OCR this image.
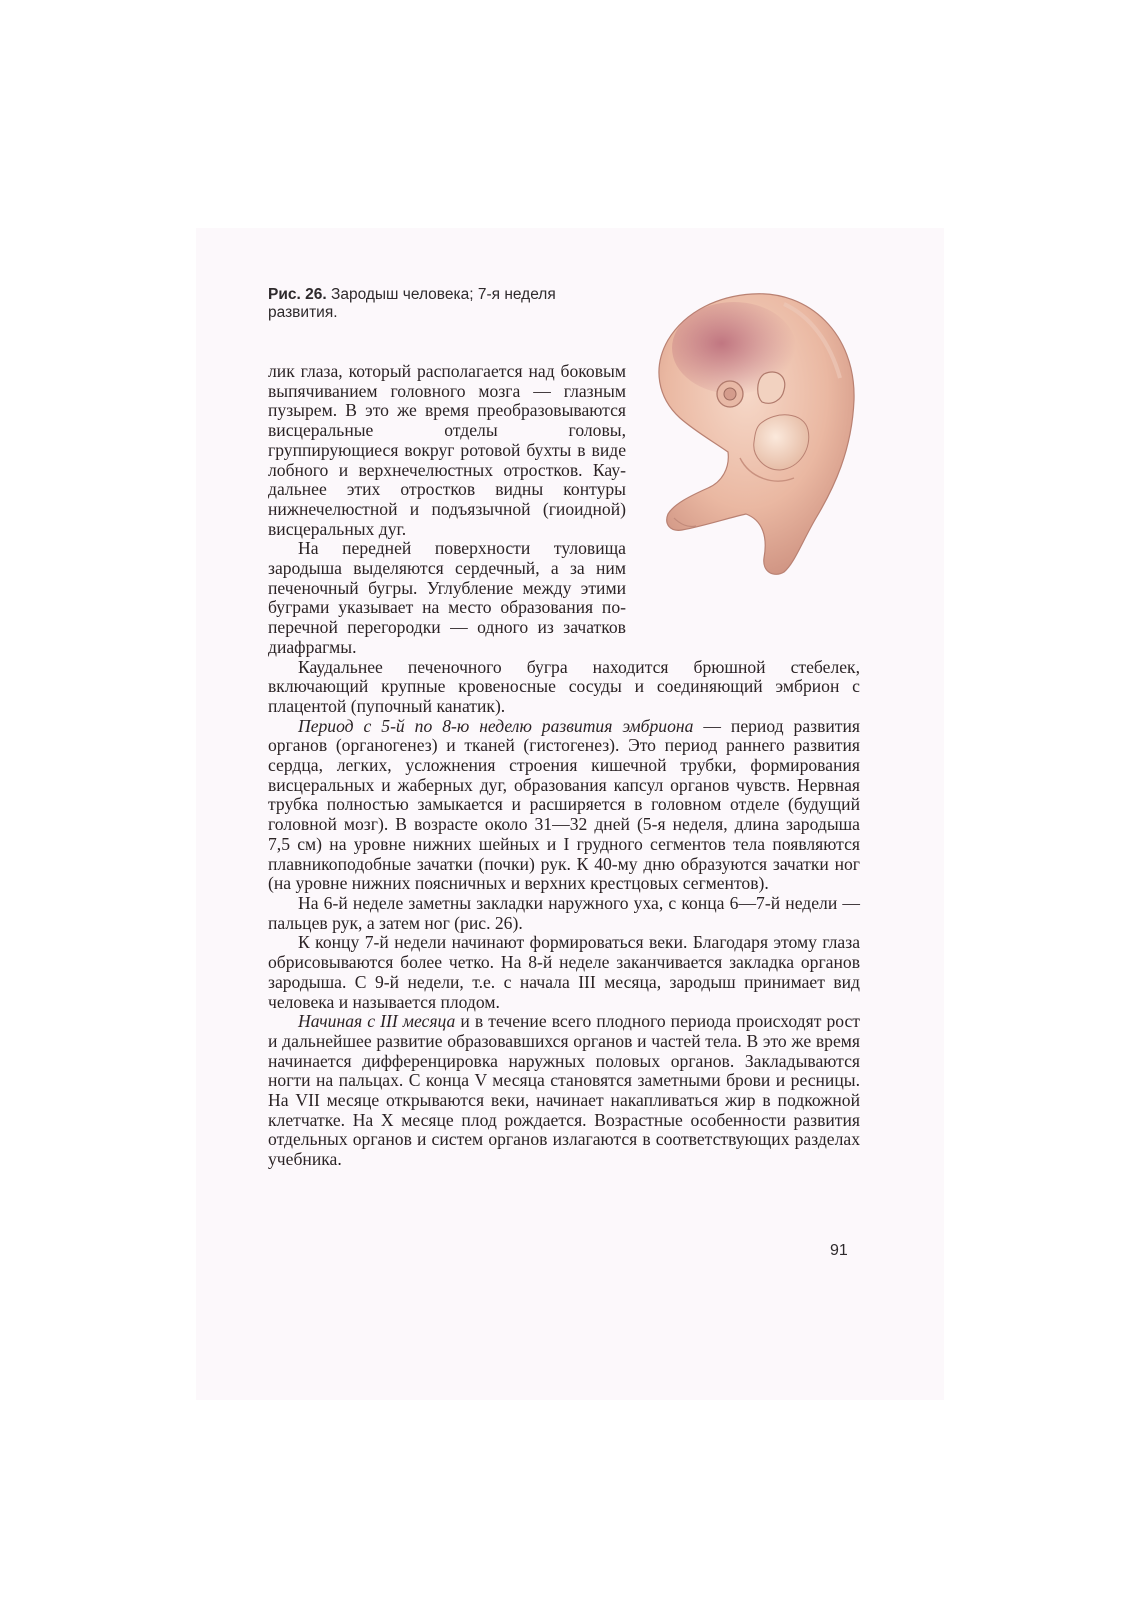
Рис. 26. Зародыш человека; 7-я неделя развития.

лик глаза, который располагается над боковым выпячиванием головного мозга — глазным пузырем. В это же время преобразовываются висцеральные отделы головы, группирующиеся вокруг ротовой бухты в виде лобного и верхнечелюстных отростков. Каудальнее этих отростков видны контуры нижнечелюстной и подъязычной (гиоидной) висцеральных дуг.

На передней поверхности туловища зародыша выделяются сердечный, а за ним печеночный бугры. Углубление между этими буграми указывает на место образования поперечной перегородки — одного из зачатков диафрагмы.

Каудальнее печеночного бугра находится брюшной стебелек, включающий крупные кровеносные сосуды и соединяющий эмбрион с плацентой (пупочный канатик).

Период с 5-й по 8-ю неделю развития эмбриона — период развития органов (органогенез) и тканей (гистогенез). Это период раннего развития сердца, легких, усложнения строения кишечной трубки, формирования висцеральных и жаберных дуг, образования капсул органов чувств. Нервная трубка полностью замыкается и расширяется в головном отделе (будущий головной мозг). В возрасте около 31—32 дней (5-я неделя, длина зародыша 7,5 см) на уровне нижних шейных и I грудного сегментов тела появляются плавникоподобные зачатки (почки) рук. К 40-му дню образуются зачатки ног (на уровне нижних поясничных и верхних крестцовых сегментов).

На 6-й неделе заметны закладки наружного уха, с конца 6—7-й недели — пальцев рук, а затем ног (рис. 26).

К концу 7-й недели начинают формироваться веки. Благодаря этому глаза обрисовываются более четко. На 8-й неделе заканчивается закладка органов зародыша. С 9-й недели, т.е. с начала III месяца, зародыш принимает вид человека и называется плодом.

Начиная с III месяца и в течение всего плодного периода происходят рост и дальнейшее развитие образовавшихся органов и частей тела. В это же время начинается дифференцировка наружных половых органов. Закладываются ногти на пальцах. С конца V месяца становятся заметными брови и ресницы. На VII месяце открываются веки, начинает накапливаться жир в подкожной клетчатке. На X месяце плод рождается. Возрастные особенности развития отдельных органов и систем органов излагаются в соответствующих разделах учебника.

91
